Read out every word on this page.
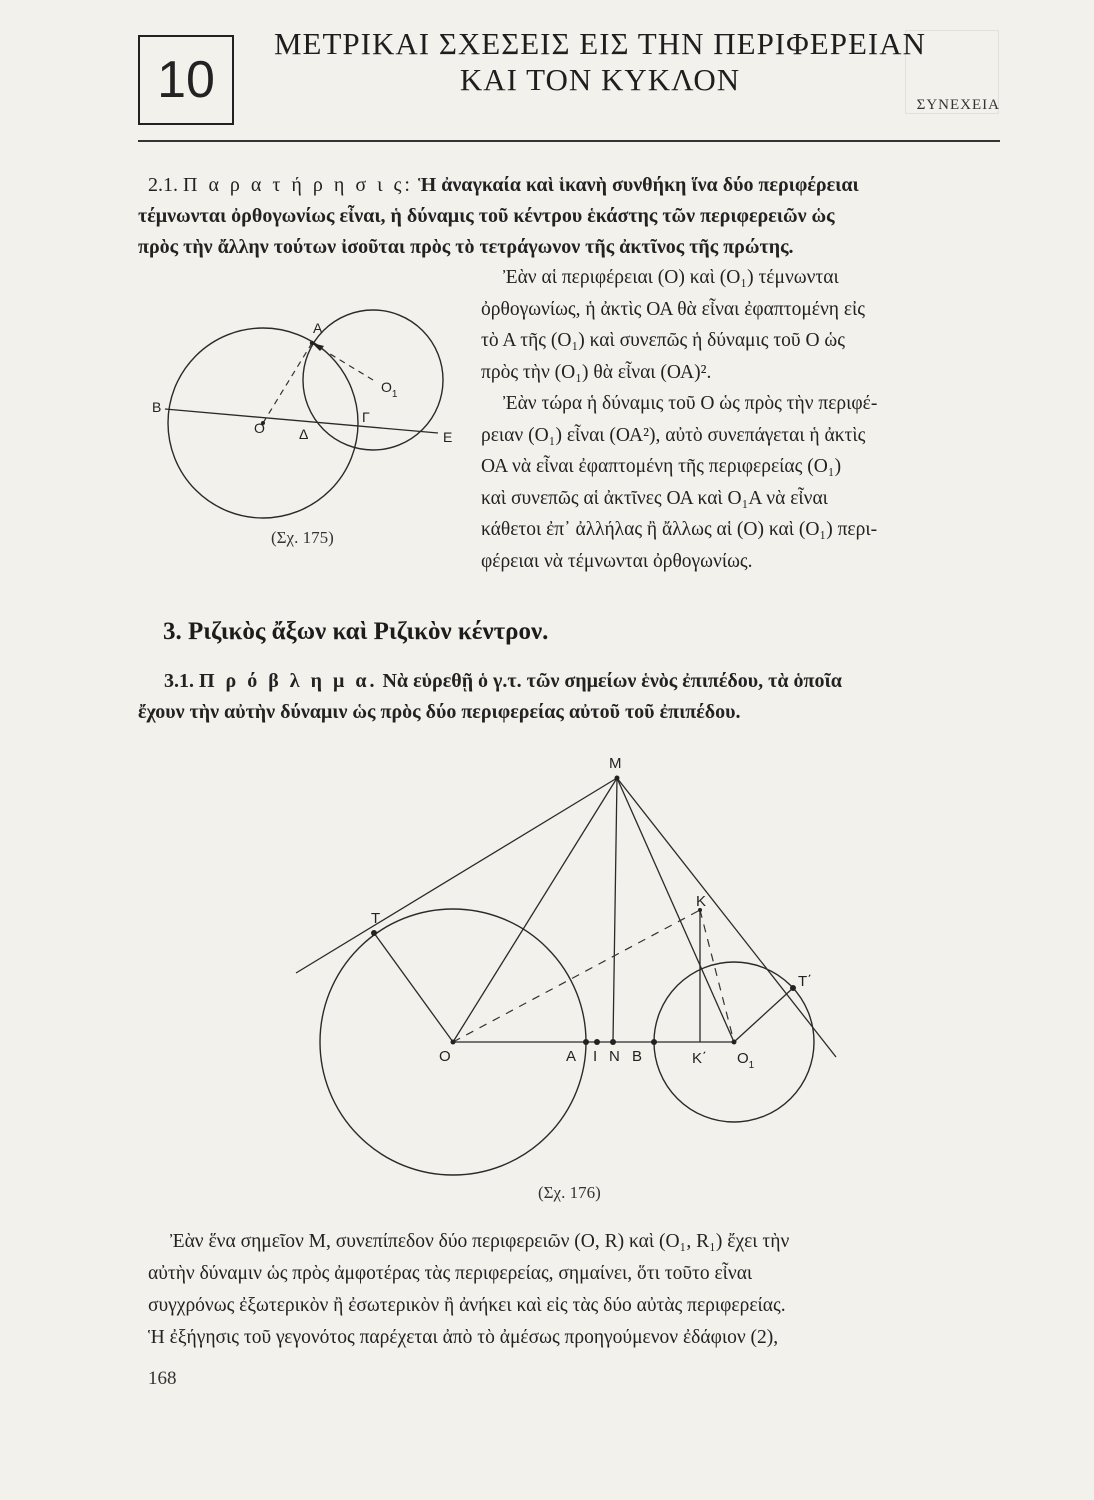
10
ΜΕΤΡΙΚΑΙ ΣΧΕΣΕΙΣ ΕΙΣ ΤΗΝ ΠΕΡΙΦΕΡΕΙΑΝ
ΚΑΙ ΤΟΝ ΚΥΚΛΟΝ
ΣΥΝΕΧΕΙΑ
2.1. Π α ρ α τ ή ρ η σ ι ς: Ἡ ἀναγκαία καὶ ἱκανὴ συνθήκη ἵνα δύο περιφέρειαι
τέμνωνται ὀρθογωνίως εἶναι, ἡ δύναμις τοῦ κέντρου ἑκάστης τῶν περιφερειῶν ὡς
πρὸς τὴν ἄλλην τούτων ἰσοῦται πρὸς τὸ τετράγωνον τῆς ἀκτῖνος τῆς πρώτης.
A
B
O
$O_1$
Γ
Δ	E
(Σχ. 175)
Ἐὰν αἱ περιφέρειαι (Ο) καὶ (Ο₁) τέμνωνται
ὀρθογωνίως, ἡ ἀκτὶς ΟΑ θὰ εἶναι ἐφαπτομένη εἰς
τὸ Α τῆς (Ο₁) καὶ συνεπῶς ἡ δύναμις τοῦ Ο ὡς
πρὸς τὴν (Ο₁) θὰ εἶναι (ΟΑ)².
Ἐὰν τώρα ἡ δύναμις τοῦ Ο ὡς πρὸς τὴν περιφέ-
ρειαν (Ο₁) εἶναι (ΟΑ²), αὐτὸ συνεπάγεται ἡ ἀκτὶς
ΟΑ νὰ εἶναι ἐφαπτομένη τῆς περιφερείας (Ο₁)
καὶ συνεπῶς αἱ ἀκτῖνες ΟΑ καὶ Ο₁Α νὰ εἶναι
κάθετοι ἐπ᾽ ἀλλήλας ἢ ἄλλως αἱ (Ο) καὶ (Ο₁) περι-
φέρειαι νὰ τέμνωνται ὀρθογωνίως.
3. Ριζικὸς ἄξων καὶ Ριζικὸν κέντρον.
3.1. Π ρ ό β λ η μ α. Νὰ εὑρεθῇ ὁ γ.τ. τῶν σημείων ἑνὸς ἐπιπέδου, τὰ ὁποῖα
ἔχουν τὴν αὐτὴν δύναμιν ὡς πρὸς δύο περιφερείας αὐτοῦ τοῦ ἐπιπέδου.
M
T
T΄
K
O	A I N B	K΄ $O_1$
(Σχ. 176)
Ἐὰν ἕνα σημεῖον Μ, συνεπίπεδον δύο περιφερειῶν (Ο, R) καὶ (Ο₁, R₁) ἔχει τὴν
αὐτὴν δύναμιν ὡς πρὸς ἀμφοτέρας τὰς περιφερείας, σημαίνει, ὅτι τοῦτο εἶναι
συγχρόνως ἐξωτερικὸν ἢ ἐσωτερικὸν ἢ ἀνήκει καὶ εἰς τὰς δύο αὐτὰς περιφερείας.
Ἡ ἐξήγησις τοῦ γεγονότος παρέχεται ἀπὸ τὸ ἀμέσως προηγούμενον ἐδάφιον (2),
168
